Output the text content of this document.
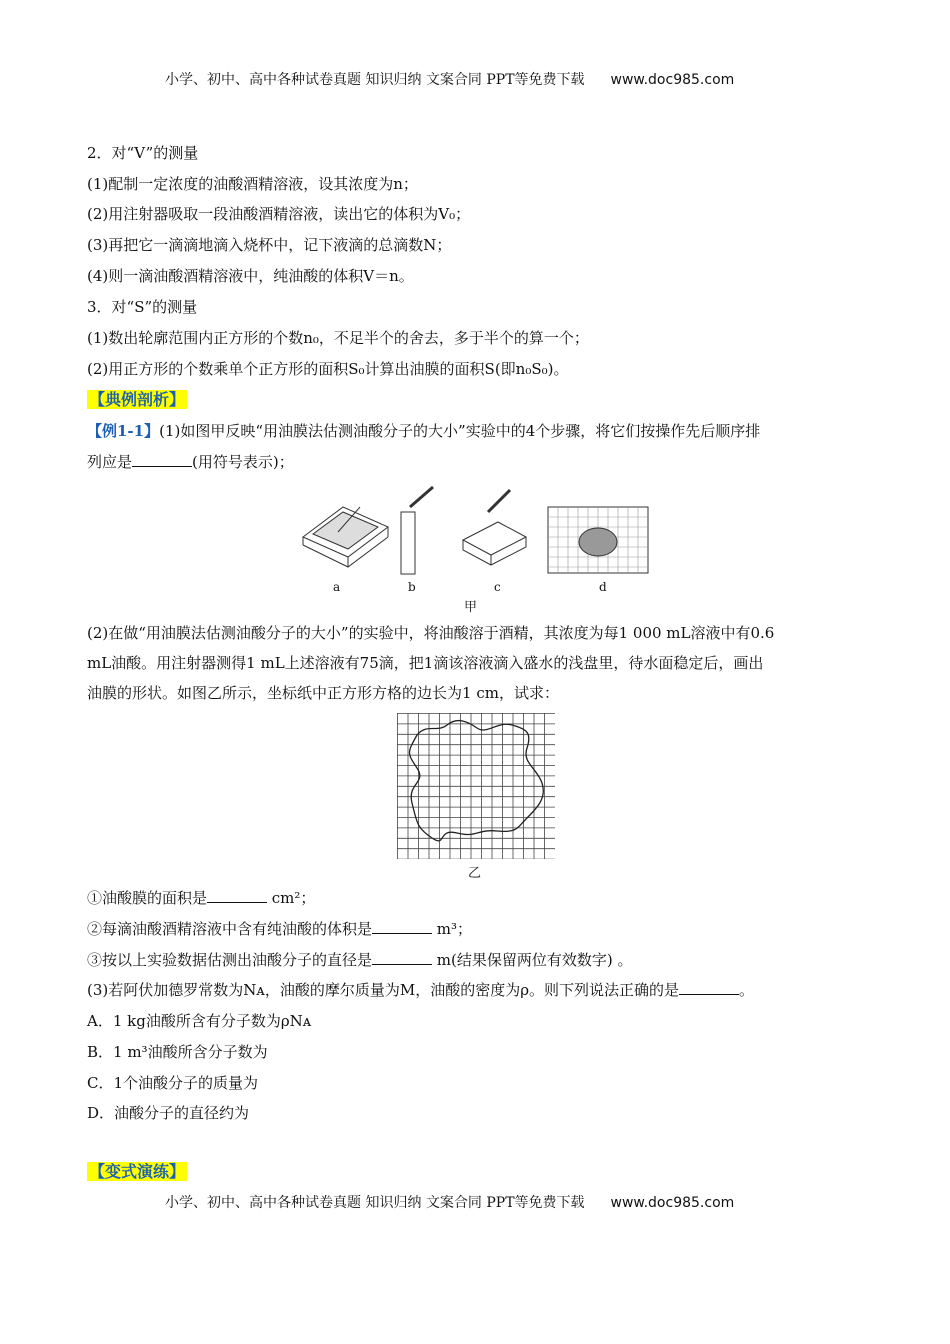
小学、初中、高中各种试卷真题 知识归纳 文案合同 PPT等免费下载 www.doc985.com
2．对“V”的测量
(1)配制一定浓度的油酸酒精溶液，设其浓度为n；
(2)用注射器吸取一段油酸酒精溶液，读出它的体积为V₀；
(3)再把它一滴滴地滴入烧杯中，记下液滴的总滴数N；
(4)则一滴油酸酒精溶液中，纯油酸的体积V＝n。
3．对“S”的测量
(1)数出轮廓范围内正方形的个数n₀，不足半个的舍去，多于半个的算一个；
(2)用正方形的个数乘单个正方形的面积S₀计算出油膜的面积S(即n₀S₀)。
【典例剖析】
【例1-1】(1)如图甲反映“用油膜法估测油酸分子的大小”实验中的4个步骤，将它们按操作先后顺序排
列应是	(用符号表示)；
a	b	c	d
甲
(2)在做“用油膜法估测油酸分子的大小”的实验中，将油酸溶于酒精，其浓度为每1 000 mL溶液中有0.6
mL油酸。用注射器测得1 mL上述溶液有75滴，把1滴该溶液滴入盛水的浅盘里，待水面稳定后，画出
油膜的形状。如图乙所示，坐标纸中正方形方格的边长为1 cm，试求：
乙
①油酸膜的面积是	cm²；
②每滴油酸酒精溶液中含有纯油酸的体积是	m³；
③按以上实验数据估测出油酸分子的直径是	m(结果保留两位有效数字) 。
(3)若阿伏加德罗常数为Nᴀ，油酸的摩尔质量为M，油酸的密度为ρ。则下列说法正确的是	。
A．1 kg油酸所含有分子数为ρNᴀ
B．1 m³油酸所含分子数为
C．1个油酸分子的质量为
D．油酸分子的直径约为
【变式演练】
小学、初中、高中各种试卷真题 知识归纳 文案合同 PPT等免费下载 www.doc985.com
